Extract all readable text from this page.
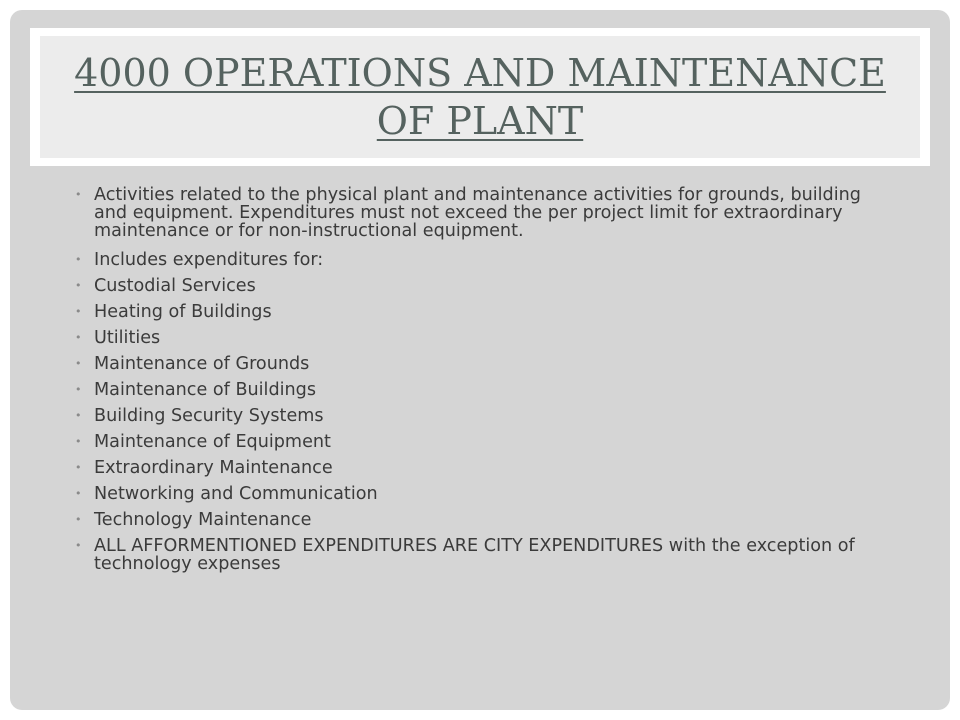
4000 OPERATIONS AND MAINTENANCE
OF PLANT
• Activities related to the physical plant and maintenance activities for grounds, building and equipment. Expenditures must not exceed the per project limit for extraordinary maintenance or for non-instructional equipment.
• Includes expenditures for:
• Custodial Services
• Heating of Buildings
• Utilities
• Maintenance of Grounds
• Maintenance of Buildings
• Building Security Systems
• Maintenance of Equipment
• Extraordinary Maintenance
• Networking and Communication
• Technology Maintenance
• ALL AFFORMENTIONED EXPENDITURES ARE CITY EXPENDITURES with the exception of technology expenses
